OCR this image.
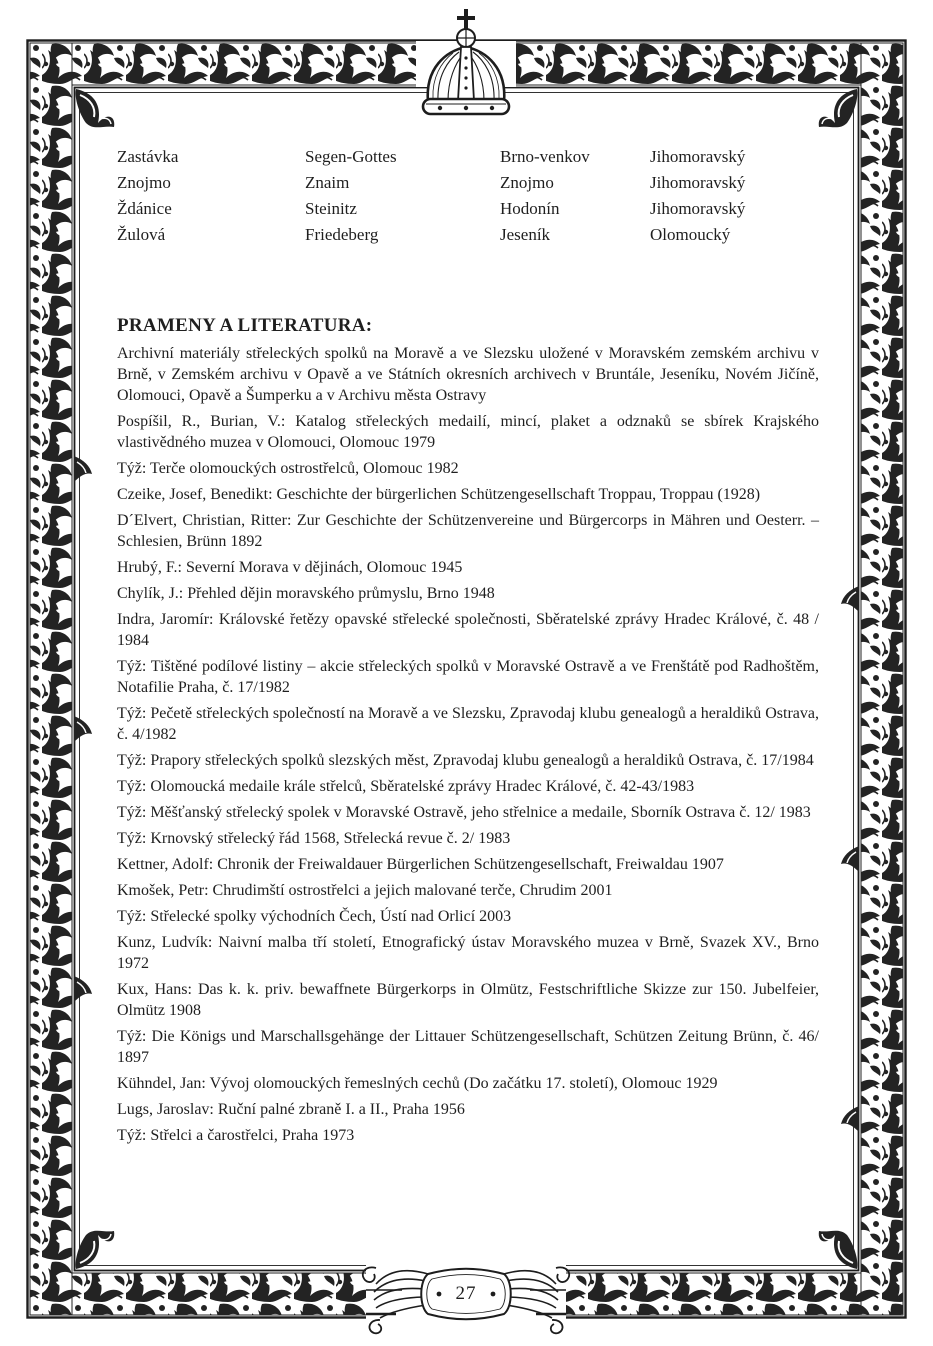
Zastávka	Segen-Gottes	Brno-venkov	Jihomoravský
Znojmo	Znaim	Znojmo	Jihomoravský
Ždánice	Steinitz	Hodonín	Jihomoravský
Žulová	Friedeberg	Jeseník	Olomoucký
PRAMENY A LITERATURA:

Archivní materiály střeleckých spolků na Moravě a ve Slezsku uložené v Moravském zemském archivu v Brně, v Zemském archivu v Opavě a ve Státních okresních archivech v Bruntále, Jeseníku, Novém Jičíně, Olomouci, Opavě a Šumperku a v Archivu města Ostravy

Pospíšil, R., Burian, V.: Katalog střeleckých medailí, mincí, plaket a odznaků se sbírek Krajského vlastivědného muzea v Olomouci, Olomouc 1979

Týž: Terče olomouckých ostrostřelců, Olomouc 1982

Czeike, Josef, Benedikt: Geschichte der bürgerlichen Schützengesellschaft Troppau, Troppau (1928)

D´Elvert, Christian, Ritter: Zur Geschichte der Schützenvereine und Bürgercorps in Mähren und Oesterr. – Schlesien, Brünn 1892

Hrubý, F.: Severní Morava v dějinách, Olomouc 1945

Chylík, J.: Přehled dějin moravského průmyslu, Brno 1948

Indra, Jaromír: Královské řetězy opavské střelecké společnosti, Sběratelské zprávy Hradec Králové, č. 48 / 1984

Týž: Tištěné podílové listiny – akcie střeleckých spolků v Moravské Ostravě a ve Frenštátě pod Radhoštěm, Notafilie Praha, č. 17/1982

Týž: Pečetě střeleckých společností na Moravě a ve Slezsku, Zpravodaj klubu genealogů a heraldiků Ostrava, č. 4/1982

Týž: Prapory střeleckých spolků slezských měst, Zpravodaj klubu genealogů a heraldiků Ostrava, č. 17/1984

Týž: Olomoucká medaile krále střelců, Sběratelské zprávy Hradec Králové, č. 42-43/1983

Týž: Měšťanský střelecký spolek v Moravské Ostravě, jeho střelnice a medaile, Sborník Ostrava č. 12/ 1983

Týž: Krnovský střelecký řád 1568, Střelecká revue č. 2/ 1983

Kettner, Adolf: Chronik der Freiwaldauer Bürgerlichen Schützengesellschaft, Freiwaldau 1907

Kmošek, Petr: Chrudimští ostrostřelci a jejich malované terče, Chrudim 2001

Týž: Střelecké spolky východních Čech, Ústí nad Orlicí 2003

Kunz, Ludvík: Naivní malba tří století, Etnografický ústav Moravského muzea v Brně, Svazek XV., Brno 1972

Kux, Hans: Das k. k. priv. bewaffnete Bürgerkorps in Olmütz, Festschriftliche Skizze zur 150. Jubelfeier, Olmütz 1908

Týž: Die Königs und Marschallsgehänge der Littauer Schützengesellschaft, Schützen Zeitung Brünn, č. 46/ 1897

Kühndel, Jan: Vývoj olomouckých řemeslných cechů (Do začátku 17. století), Olomouc 1929

Lugs, Jaroslav: Ruční palné zbraně I. a II., Praha 1956

Týž: Střelci a čarostřelci, Praha 1973

27
